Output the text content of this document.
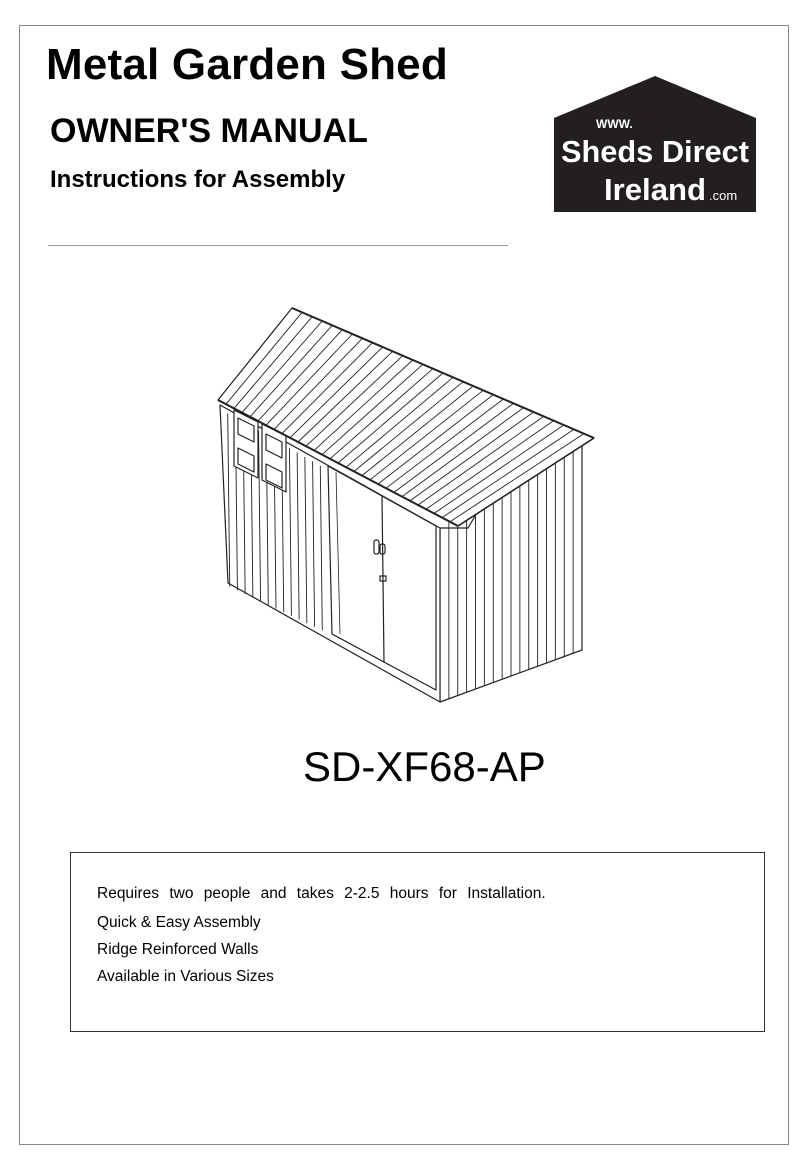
Metal Garden Shed
OWNER'S MANUAL
Instructions for Assembly
WWW.
Sheds Direct
Ireland .com
SD-XF68-AP
Requires two people and takes 2-2.5 hours for Installation.
Quick & Easy Assembly
Ridge Reinforced Walls
Available in Various Sizes
